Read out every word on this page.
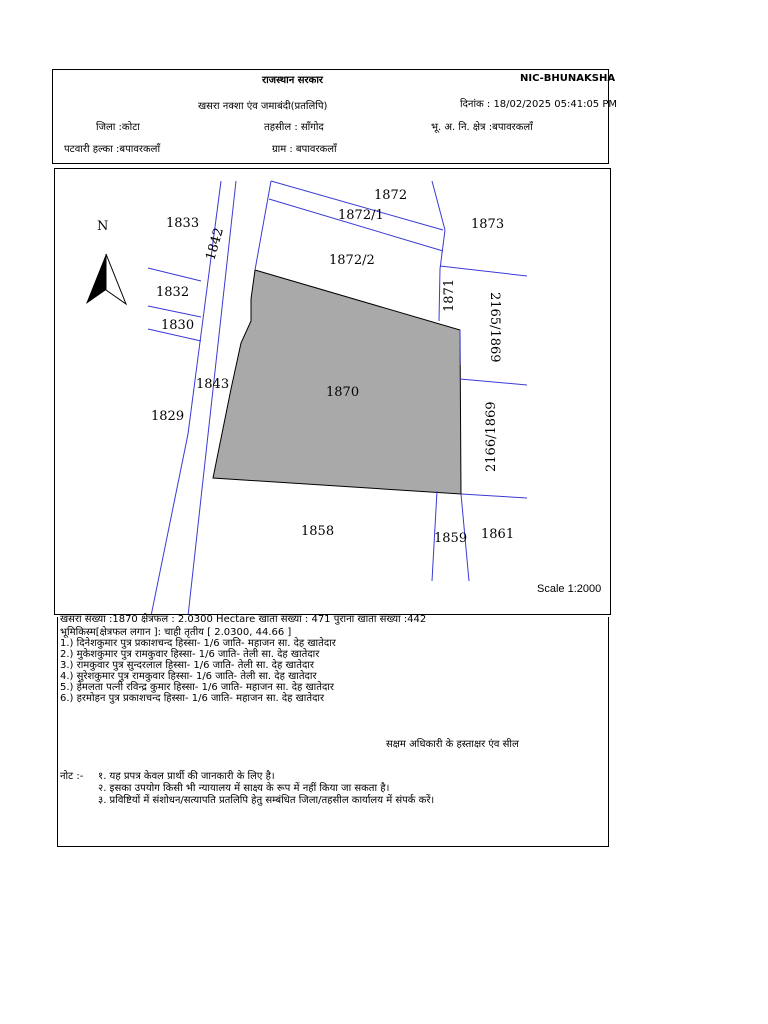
राजस्थान सरकार	NIC-BHUNAKSHA
खसरा नक्शा एंव जमाबंदी(प्रतलिपि)	दिनांक : 18/02/2025 05:41:05 PM
जिला :कोटा	तहसील : साँगोद	भू. अ. नि. क्षेत्र :बपावरकलाँ
पटवारी हल्का :बपावरकलाँ	ग्राम : बपावरकलाँ
N
1872
1872/1
1833
1842
1873
1872/2
1832	1871 2165/1869
1830
1843
1870
1829	2166/1869
1858	1859 1861
Scale 1:2000
खसरा संख्या :1870 क्षेत्रफल : 2.0300 Hectare खाता संख्या : 471 पुराना खाता संख्या :442
भूमिकिस्म[क्षेत्रफल लगान ]: चाही तृतीय [ 2.0300, 44.66 ]
1.) दिनेशकुमार पुत्र प्रकाशचन्द हिस्सा- 1/6 जाति- महाजन सा. देह खातेदार
2.) मुकेशकुमार पुत्र रामकुवार हिस्सा- 1/6 जाति- तेली सा. देह खातेदार
3.) रामकुवार पुत्र सुन्दरलाल हिस्सा- 1/6 जाति- तेली सा. देह खातेदार
4.) सुरेशकुमार पुत्र रामकुवार हिस्सा- 1/6 जाति- तेली सा. देह खातेदार
5.) हेमलता पत्नी रविन्द्र कुमार हिस्सा- 1/6 जाति- महाजन सा. देह खातेदार
6.) हरमोहन पुत्र प्रकाशचन्द हिस्सा- 1/6 जाति- महाजन सा. देह खातेदार
सक्षम अधिकारी के हस्ताक्षर एंव सील
नोट :- १. यह प्रपत्र केवल प्रार्थी की जानकारी के लिए है।
२. इसका उपयोग किसी भी न्यायालय में साक्ष्य के रूप में नहीं किया जा सकता है।
३. प्रविष्टियों में संशोधन/सत्यापति प्रतलिपि हेतु सम्बंधित जिला/तहसील कार्यालय में संपर्क करें।
